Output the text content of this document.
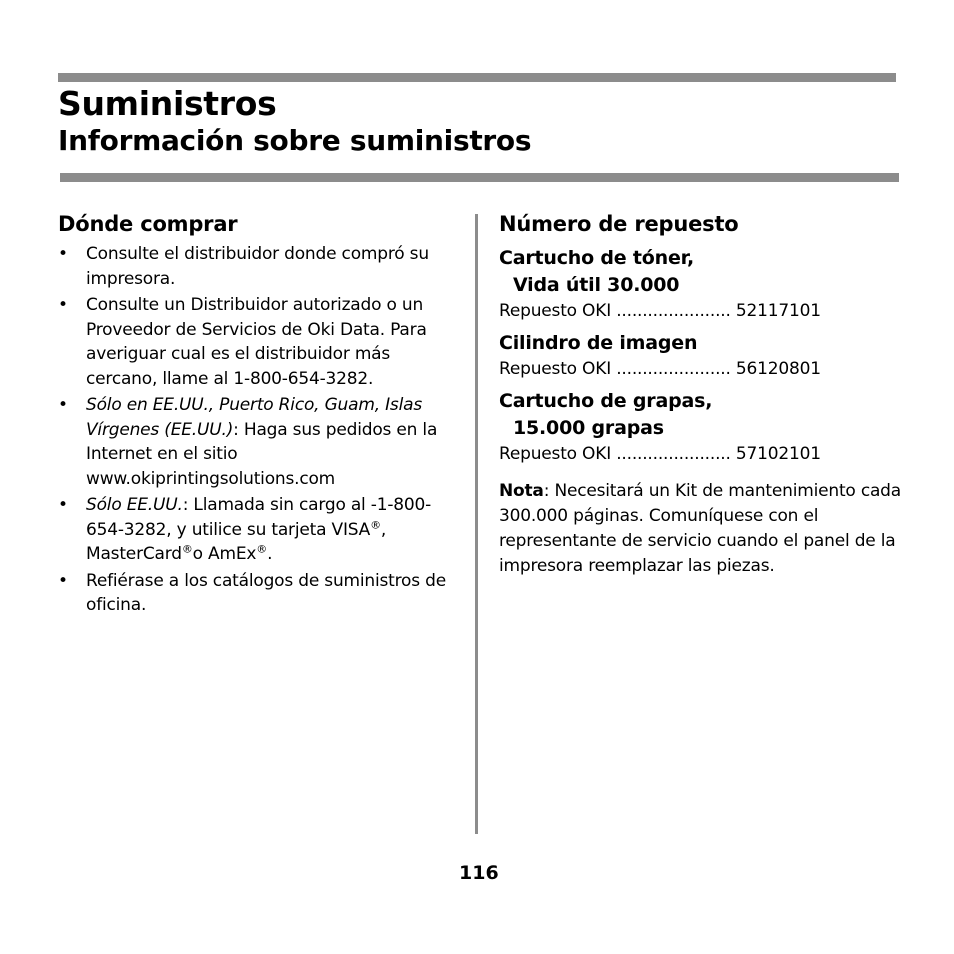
Suministros
Información sobre suministros
Dónde comprar
• Consulte el distribuidor donde compró su impresora.
• Consulte un Distribuidor autorizado o un Proveedor de Servicios de Oki Data. Para averiguar cual es el distribuidor más cercano, llame al 1-800-654-3282.
• Sólo en EE.UU., Puerto Rico, Guam, Islas Vírgenes (EE.UU.): Haga sus pedidos en la Internet en el sitio www.okiprintingsolutions.com
• Sólo EE.UU.: Llamada sin cargo al -1-800-654-3282, y utilice su tarjeta VISA®, MasterCard®o AmEx®.
• Refiérase a los catálogos de suministros de oficina.
Número de repuesto
Cartucho de tóner,
Vida útil 30.000
Repuesto OKI ...................... 52117101
Cilindro de imagen
Repuesto OKI ...................... 56120801
Cartucho de grapas,
15.000 grapas
Repuesto OKI ...................... 57102101
Nota: Necesitará un Kit de mantenimiento cada 300.000 páginas. Comuníquese con el representante de servicio cuando el panel de la impresora reemplazar las piezas.
116
